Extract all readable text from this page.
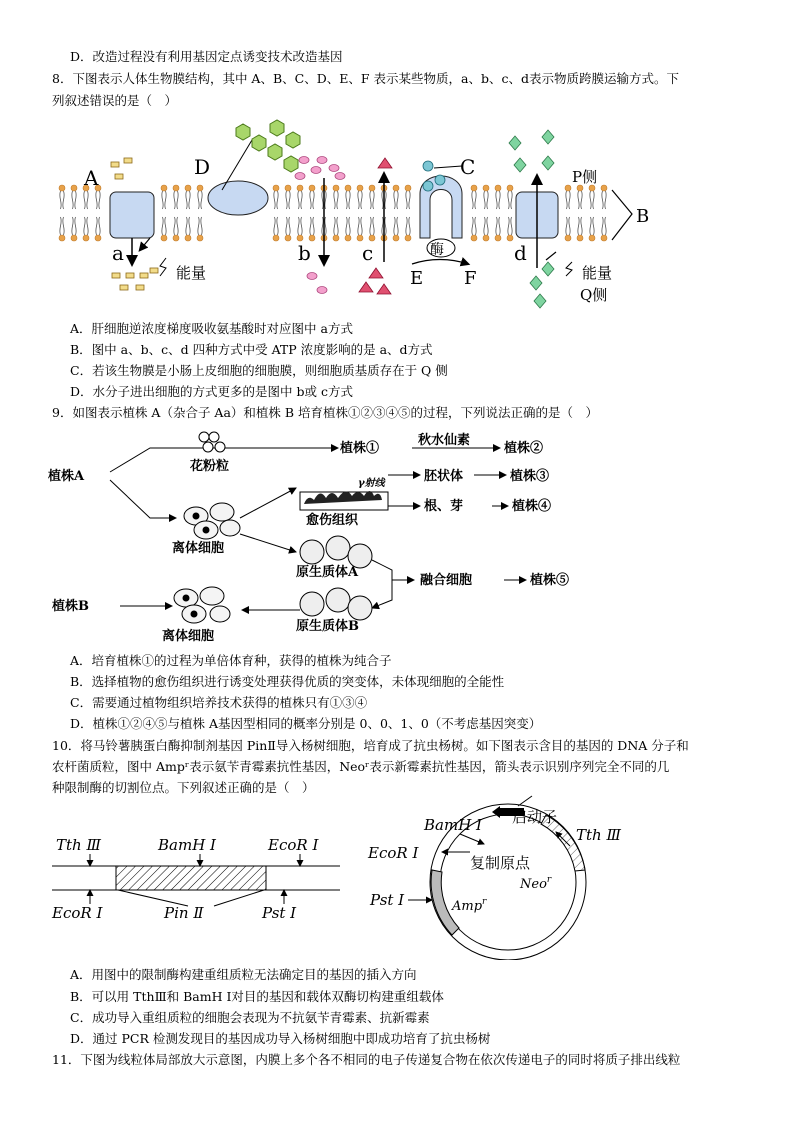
D．改造过程没有利用基因定点诱变技术改造基因
8．下图表示人体生物膜结构，其中 A、B、C、D、E、F 表示某些物质，a、b、c、d表示物质跨膜运输方式。下
列叙述错误的是（　）
A
a
D
b	c
C
d
E F
B
P侧
Q侧
能量	能量
酶
A．肝细胞逆浓度梯度吸收氨基酸时对应图中 a方式
B．图中 a、b、c、d 四种方式中受 ATP 浓度影响的是 a、d方式
C．若该生物膜是小肠上皮细胞的细胞膜，则细胞质基质存在于 Q 侧
D．水分子进出细胞的方式更多的是图中 b或 c方式
9．如图表示植株 A（杂合子 Aa）和植株 B 培育植株①②③④⑤的过程，下列说法正确的是（　）
植株A
花粉粒
植株①
秋水仙素
植株②
离体细胞
γ射线	胚状体	植株③
愈伤组织
根、芽	植株④
原生质体A
融合细胞	植株⑤
植株B
离体细胞
原生质体B
A．培育植株①的过程为单倍体育种，获得的植株为纯合子
B．选择植物的愈伤组织进行诱变处理获得优质的突变体，未体现细胞的全能性
C．需要通过植物组织培养技术获得的植株只有①③④
D．植株①②④⑤与植株 A基因型相同的概率分别是 0、0、1、0（不考虑基因突变）
10．将马铃薯胰蛋白酶抑制剂基因 PinⅡ导入杨树细胞，培育成了抗虫杨树。如下图表示含目的基因的 DNA 分子和
农杆菌质粒，图中 Ampʳ表示氨苄青霉素抗性基因，Neoʳ表示新霉素抗性基因，箭头表示识别序列完全不同的几
种限制酶的切割位点。下列叙述正确的是（　）
Tth Ⅲ	BamH Ⅰ	EcoR Ⅰ
EcoR Ⅰ	Pin Ⅱ	Pst Ⅰ
BamH Ⅰ 启动子
Tth Ⅲ
EcoR Ⅰ
复制原点
Neo$^r$
Pst Ⅰ	Amp$^r$
A．用图中的限制酶构建重组质粒无法确定目的基因的插入方向
B．可以用 TthⅢ和 BamH Ⅰ对目的基因和载体双酶切构建重组载体
C．成功导入重组质粒的细胞会表现为不抗氨苄青霉素、抗新霉素
D．通过 PCR 检测发现目的基因成功导入杨树细胞中即成功培育了抗虫杨树
11．下图为线粒体局部放大示意图，内膜上多个各不相同的电子传递复合物在依次传递电子的同时将质子排出线粒
